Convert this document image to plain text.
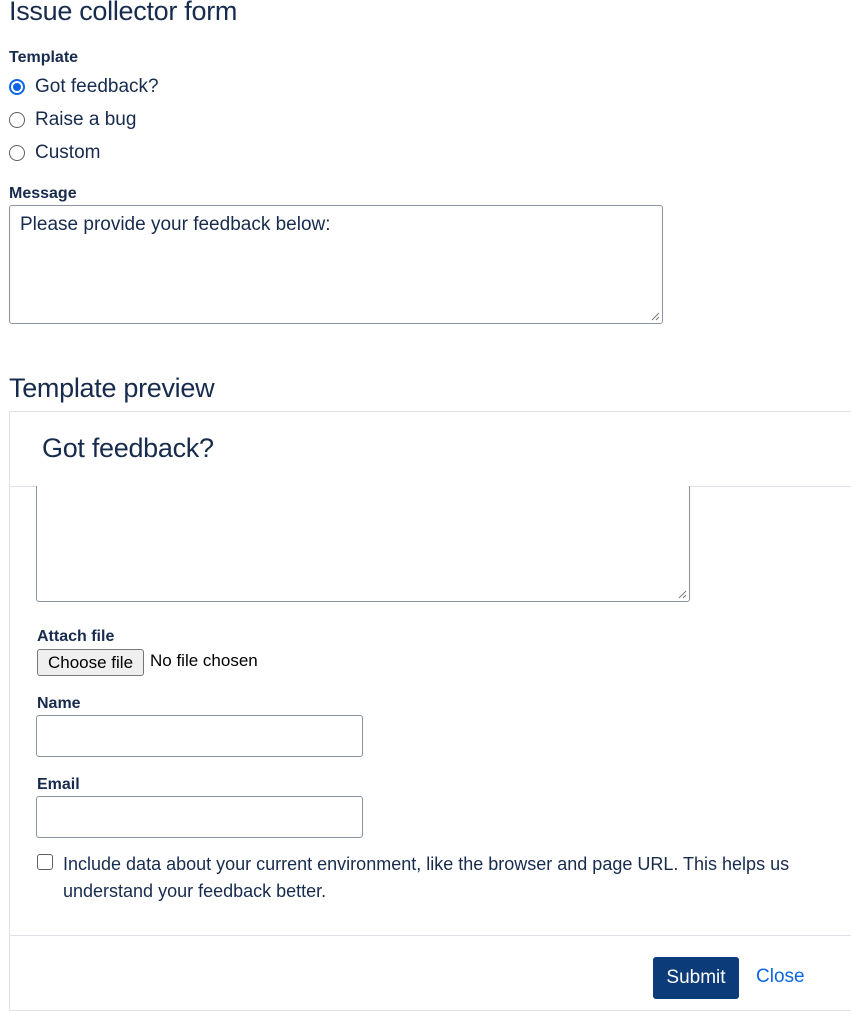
Issue collector form
Template
Got feedback?
Raise a bug
Custom
Message
Please provide your feedback below:
Template preview
Got feedback?
Attach file
Choose file No file chosen
Name
Email
Include data about your current environment, like the browser and page URL. This helps us understand your feedback better.
Submit	Close
